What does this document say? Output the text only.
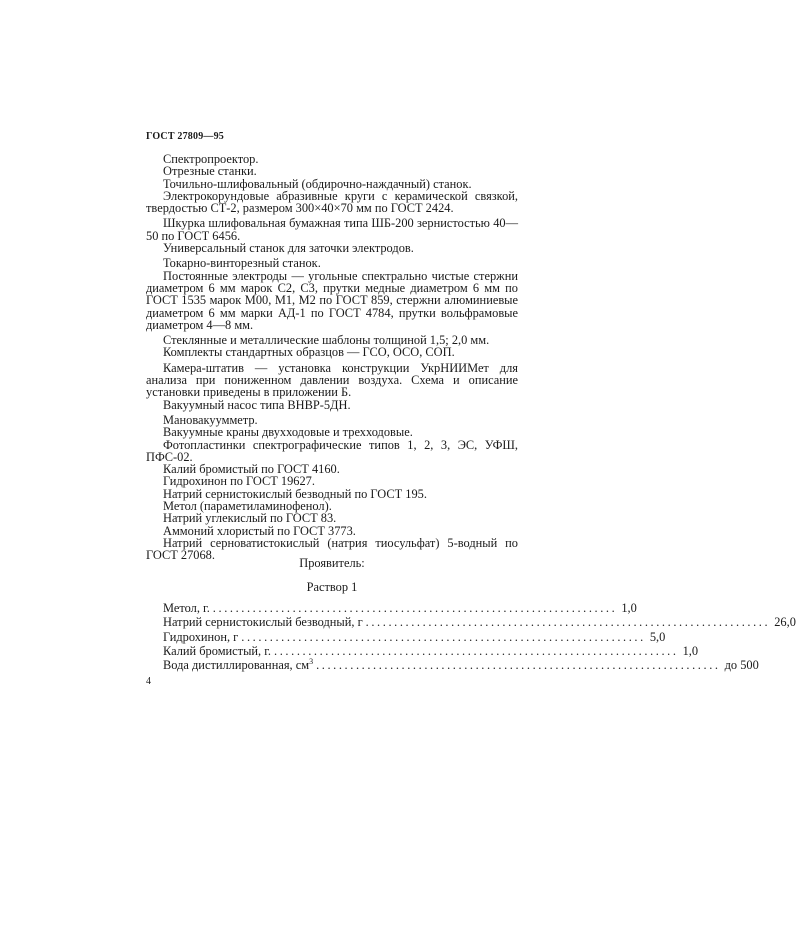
ГОСТ 27809—95

Спектропроектор.

Отрезные станки.

Точильно-шлифовальный (обдирочно-наждачный) станок.

Электрокорундовые абразивные круги с керамической связкой, твердостью СТ-2, размером 300×40×70 мм по ГОСТ 2424.

Шкурка шлифовальная бумажная типа ШБ-200 зернистостью 40—50 по ГОСТ 6456.

Универсальный станок для заточки электродов.

Токарно-винторезный станок.

Постоянные электроды — угольные спектрально чистые стержни диаметром 6 мм марок С2, С3, прутки медные диаметром 6 мм по ГОСТ 1535 марок М00, М1, М2 по ГОСТ 859, стержни алюминиевые диаметром 6 мм марки АД-1 по ГОСТ 4784, прутки вольфрамовые диаметром 4—8 мм.

Стеклянные и металлические шаблоны толщиной 1,5; 2,0 мм.

Комплекты стандартных образцов — ГСО, ОСО, СОП.

Камера-штатив — установка конструкции УкрНИИМет для анализа при пониженном давлении воздуха. Схема и описание установки приведены в приложении Б.

Вакуумный насос типа ВНВР-5ДН.

Мановакуумметр.

Вакуумные краны двухходовые и трехходовые.

Фотопластинки спектрографические типов 1, 2, 3, ЭС, УФШ, ПФС-02.

Калий бромистый по ГОСТ 4160.

Гидрохинон по ГОСТ 19627.

Натрий сернистокислый безводный по ГОСТ 195.

Метол (параметиламинофенол).

Натрий углекислый по ГОСТ 83.

Аммоний хлористый по ГОСТ 3773.

Натрий серноватистокислый (натрия тиосульфат) 5-водный по ГОСТ 27068.

Проявитель:
Раствор 1
Метол, г. ....................................................................... 1,0
Натрий сернистокислый безводный, г ....................................................................... 26,0
Гидрохинон, г ....................................................................... 5,0
Калий бромистый, г. ....................................................................... 1,0
Вода дистиллированная, $см^3$ ....................................................................... до 500
4
